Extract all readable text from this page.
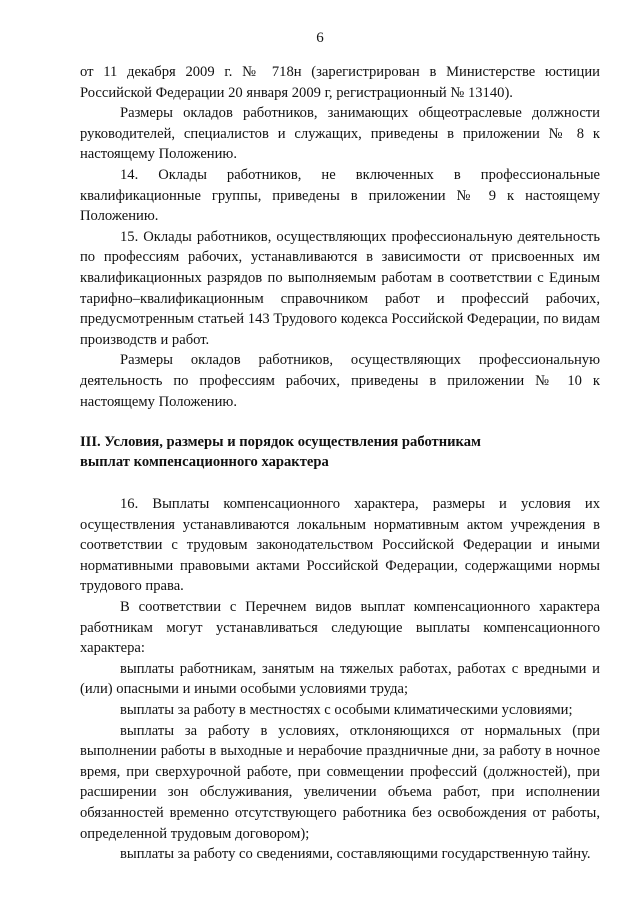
6

от 11 декабря 2009 г. № 718н (зарегистрирован в Министерстве юстиции Российской Федерации 20 января 2009 г, регистрационный № 13140).

Размеры окладов работников, занимающих общеотраслевые должности руководителей, специалистов и служащих, приведены в приложении № 8 к настоящему Положению.

14. Оклады работников, не включенных в профессиональные квалификационные группы, приведены в приложении № 9 к настоящему Положению.

15. Оклады работников, осуществляющих профессиональную деятельность по профессиям рабочих, устанавливаются в зависимости от присвоенных им квалификационных разрядов по выполняемым работам в соответствии с Единым тарифно–квалификационным справочником работ и профессий рабочих, предусмотренным статьей 143 Трудового кодекса Российской Федерации, по видам производств и работ.

Размеры окладов работников, осуществляющих профессиональную деятельность по профессиям рабочих, приведены в приложении № 10 к настоящему Положению.

III. Условия, размеры и порядок осуществления работникам
выплат компенсационного характера

16. Выплаты компенсационного характера, размеры и условия их осуществления устанавливаются локальным нормативным актом учреждения в соответствии с трудовым законодательством Российской Федерации и иными нормативными правовыми актами Российской Федерации, содержащими нормы трудового права.

В соответствии с Перечнем видов выплат компенсационного характера работникам могут устанавливаться следующие выплаты компенсационного характера:

выплаты работникам, занятым на тяжелых работах, работах с вредными и (или) опасными и иными особыми условиями труда;

выплаты за работу в местностях с особыми климатическими условиями;

выплаты за работу в условиях, отклоняющихся от нормальных (при выполнении работы в выходные и нерабочие праздничные дни, за работу в ночное время, при сверхурочной работе, при совмещении профессий (должностей), при расширении зон обслуживания, увеличении объема работ, при исполнении обязанностей временно отсутствующего работника без освобождения от работы, определенной трудовым договором);

выплаты за работу со сведениями, составляющими государственную тайну.
